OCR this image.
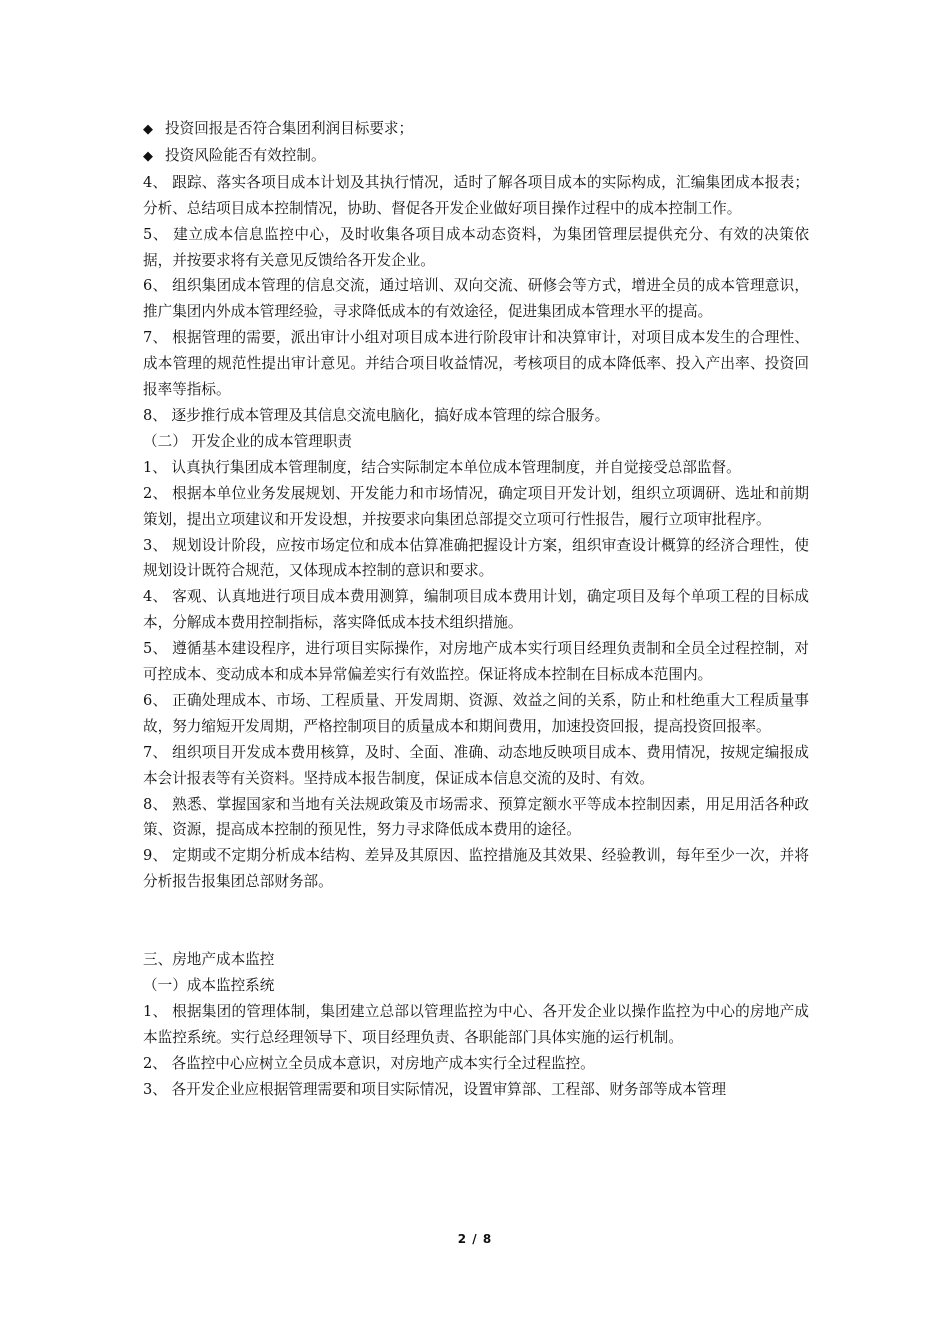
◆ 投资回报是否符合集团利润目标要求；

◆ 投资风险能否有效控制。

4、 跟踪、落实各项目成本计划及其执行情况，适时了解各项目成本的实际构成，汇编集团成本报表；分析、总结项目成本控制情况，协助、督促各开发企业做好项目操作过程中的成本控制工作。

5、 建立成本信息监控中心，及时收集各项目成本动态资料，为集团管理层提供充分、有效的决策依据，并按要求将有关意见反馈给各开发企业。

6、 组织集团成本管理的信息交流，通过培训、双向交流、研修会等方式，增进全员的成本管理意识，推广集团内外成本管理经验，寻求降低成本的有效途径，促进集团成本管理水平的提高。

7、 根据管理的需要，派出审计小组对项目成本进行阶段审计和决算审计，对项目成本发生的合理性、成本管理的规范性提出审计意见。并结合项目收益情况，考核项目的成本降低率、投入产出率、投资回报率等指标。

8、 逐步推行成本管理及其信息交流电脑化，搞好成本管理的综合服务。

（二） 开发企业的成本管理职责

1、 认真执行集团成本管理制度，结合实际制定本单位成本管理制度，并自觉接受总部监督。

2、 根据本单位业务发展规划、开发能力和市场情况，确定项目开发计划，组织立项调研、选址和前期策划，提出立项建议和开发设想，并按要求向集团总部提交立项可行性报告，履行立项审批程序。

3、 规划设计阶段，应按市场定位和成本估算准确把握设计方案，组织审查设计概算的经济合理性，使规划设计既符合规范，又体现成本控制的意识和要求。

4、 客观、认真地进行项目成本费用测算，编制项目成本费用计划，确定项目及每个单项工程的目标成本，分解成本费用控制指标，落实降低成本技术组织措施。

5、 遵循基本建设程序，进行项目实际操作，对房地产成本实行项目经理负责制和全员全过程控制，对可控成本、变动成本和成本异常偏差实行有效监控。保证将成本控制在目标成本范围内。

6、 正确处理成本、市场、工程质量、开发周期、资源、效益之间的关系，防止和杜绝重大工程质量事故，努力缩短开发周期，严格控制项目的质量成本和期间费用，加速投资回报，提高投资回报率。

7、 组织项目开发成本费用核算，及时、全面、准确、动态地反映项目成本、费用情况，按规定编报成本会计报表等有关资料。坚持成本报告制度，保证成本信息交流的及时、有效。

8、 熟悉、掌握国家和当地有关法规政策及市场需求、预算定额水平等成本控制因素，用足用活各种政策、资源，提高成本控制的预见性，努力寻求降低成本费用的途径。

9、 定期或不定期分析成本结构、差异及其原因、监控措施及其效果、经验教训，每年至少一次，并将分析报告报集团总部财务部。

三、房地产成本监控

（一）成本监控系统

1、 根据集团的管理体制，集团建立总部以管理监控为中心、各开发企业以操作监控为中心的房地产成本监控系统。实行总经理领导下、项目经理负责、各职能部门具体实施的运行机制。

2、 各监控中心应树立全员成本意识，对房地产成本实行全过程监控。

3、 各开发企业应根据管理需要和项目实际情况，设置审算部、工程部、财务部等成本管理

2 / 8
